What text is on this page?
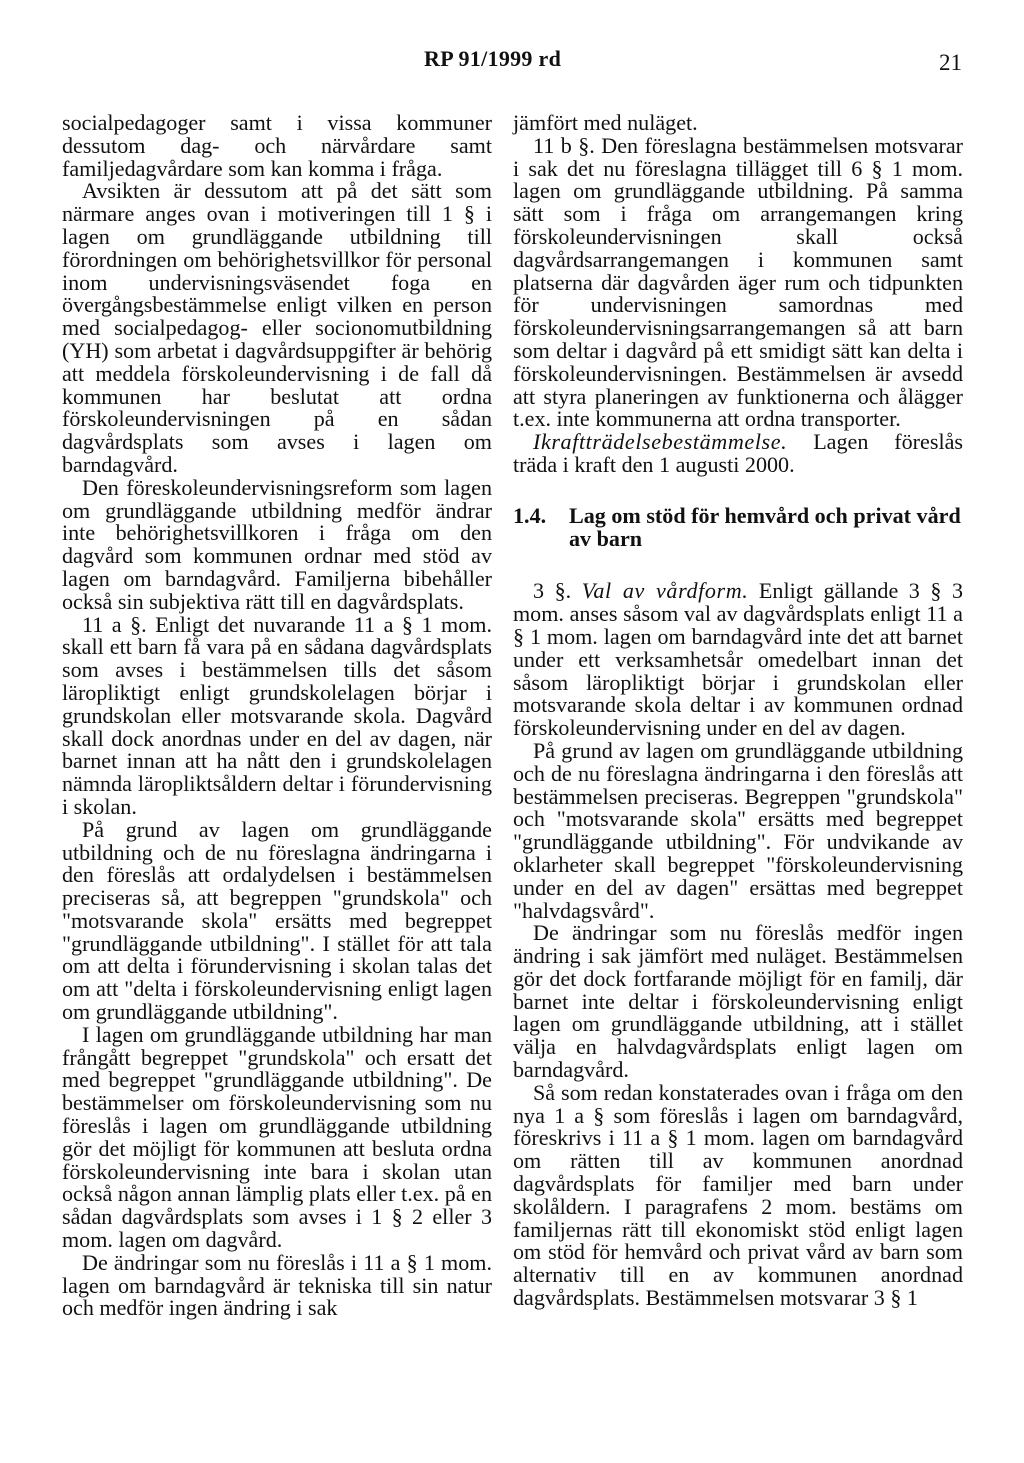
RP 91/1999 rd	21

socialpedagoger samt i vissa kommuner dessutom dag- och närvårdare samt familjedagvårdare som kan komma i fråga.

Avsikten är dessutom att på det sätt som närmare anges ovan i motiveringen till 1 § i lagen om grundläggande utbildning till förordningen om behörighetsvillkor för personal inom undervisningsväsendet foga en övergångsbestämmelse enligt vilken en person med socialpedagog- eller socionomutbildning (YH) som arbetat i dagvårdsuppgifter är behörig att meddela förskoleundervisning i de fall då kommunen har beslutat att ordna förskoleundervisningen på en sådan dagvårdsplats som avses i lagen om barndagvård.

Den föreskoleundervisningsreform som lagen om grundläggande utbildning medför ändrar inte behörighetsvillkoren i fråga om den dagvård som kommunen ordnar med stöd av lagen om barndagvård. Familjerna bibehåller också sin subjektiva rätt till en dagvårdsplats.

11 a §. Enligt det nuvarande 11 a § 1 mom. skall ett barn få vara på en sådana dagvårdsplats som avses i bestämmelsen tills det såsom läropliktigt enligt grundskolelagen börjar i grundskolan eller motsvarande skola. Dagvård skall dock anordnas under en del av dagen, när barnet innan att ha nått den i grundskolelagen nämnda läropliktsåldern deltar i förundervisning i skolan.

På grund av lagen om grundläggande utbildning och de nu föreslagna ändringarna i den föreslås att ordalydelsen i bestämmelsen preciseras så, att begreppen "grundskola" och "motsvarande skola" ersätts med begreppet "grundläggande utbildning". I stället för att tala om att delta i förundervisning i skolan talas det om att "delta i förskoleundervisning enligt lagen om grundläggande utbildning".

I lagen om grundläggande utbildning har man frångått begreppet "grundskola" och ersatt det med begreppet "grundläggande utbildning". De bestämmelser om förskoleundervisning som nu föreslås i lagen om grundläggande utbildning gör det möjligt för kommunen att besluta ordna förskoleundervisning inte bara i skolan utan också någon annan lämplig plats eller t.ex. på en sådan dagvårdsplats som avses i 1 § 2 eller 3 mom. lagen om dagvård.

De ändringar som nu föreslås i 11 a § 1 mom. lagen om barndagvård är tekniska till sin natur och medför ingen ändring i sak

jämfört med nuläget.

11 b §. Den föreslagna bestämmelsen motsvarar i sak det nu föreslagna tillägget till 6 § 1 mom. lagen om grundläggande utbildning. På samma sätt som i fråga om arrangemangen kring förskoleundervisningen skall också dagvårdsarrangemangen i kommunen samt platserna där dagvården äger rum och tidpunkten för undervisningen samordnas med förskoleundervisningsarrangemangen så att barn som deltar i dagvård på ett smidigt sätt kan delta i förskoleundervisningen. Bestämmelsen är avsedd att styra planeringen av funktionerna och ålägger t.ex. inte kommunerna att ordna transporter.

Ikraftträdelsebestämmelse. Lagen föreslås träda i kraft den 1 augusti 2000.

1.4.	Lag om stöd för hemvård och privat vård av barn

3 §. Val av vårdform. Enligt gällande 3 § 3 mom. anses såsom val av dagvårdsplats enligt 11 a § 1 mom. lagen om barndagvård inte det att barnet under ett verksamhetsår omedelbart innan det såsom läropliktigt börjar i grundskolan eller motsvarande skola deltar i av kommunen ordnad förskoleundervisning under en del av dagen.

På grund av lagen om grundläggande utbildning och de nu föreslagna ändringarna i den föreslås att bestämmelsen preciseras. Begreppen "grundskola" och "motsvarande skola" ersätts med begreppet "grundläggande utbildning". För undvikande av oklarheter skall begreppet "förskoleundervisning under en del av dagen" ersättas med begreppet "halvdagsvård".

De ändringar som nu föreslås medför ingen ändring i sak jämfört med nuläget. Bestämmelsen gör det dock fortfarande möjligt för en familj, där barnet inte deltar i förskoleundervisning enligt lagen om grundläggande utbildning, att i stället välja en halvdagvårdsplats enligt lagen om barndagvård.

Så som redan konstaterades ovan i fråga om den nya 1 a § som föreslås i lagen om barndagvård, föreskrivs i 11 a § 1 mom. lagen om barndagvård om rätten till av kommunen anordnad dagvårdsplats för familjer med barn under skolåldern. I paragrafens 2 mom. bestäms om familjernas rätt till ekonomiskt stöd enligt lagen om stöd för hemvård och privat vård av barn som alternativ till en av kommunen anordnad dagvårdsplats. Bestämmelsen motsvarar 3 § 1
